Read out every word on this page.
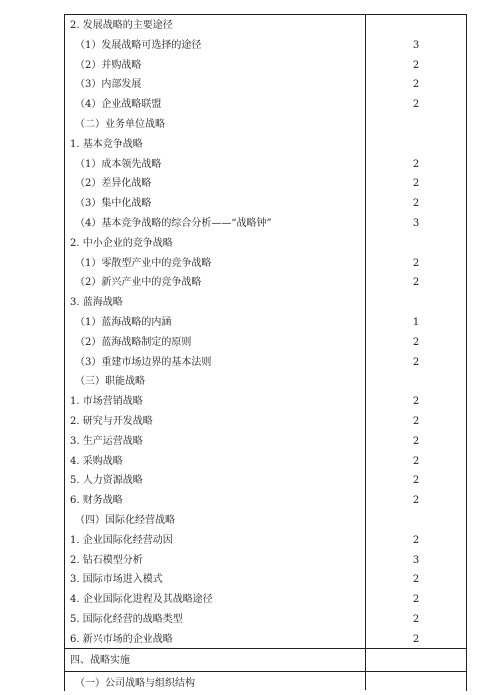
2. 发展战略的主要途径
（1）发展战略可选择的途径	3
（2）并购战略	2
（3）内部发展	2
（4）企业战略联盟	2
（二）业务单位战略
1. 基本竞争战略
（1）成本领先战略	2
（2）差异化战略	2
（3）集中化战略	2
（4）基本竞争战略的综合分析——“战略钟”	3
2. 中小企业的竞争战略
（1）零散型产业中的竞争战略	2
（2）新兴产业中的竞争战略	2
3. 蓝海战略
（1）蓝海战略的内涵	1
（2）蓝海战略制定的原则	2
（3）重建市场边界的基本法则	2
（三）职能战略
1. 市场营销战略	2
2. 研究与开发战略	2
3. 生产运营战略	2
4. 采购战略	2
5. 人力资源战略	2
6. 财务战略	2
（四）国际化经营战略
1. 企业国际化经营动因	2
2. 钻石模型分析	3
3. 国际市场进入模式	2
4. 企业国际化进程及其战略途径	2
5. 国际化经营的战略类型	2
6. 新兴市场的企业战略	2
四、战略实施
（一）公司战略与组织结构
